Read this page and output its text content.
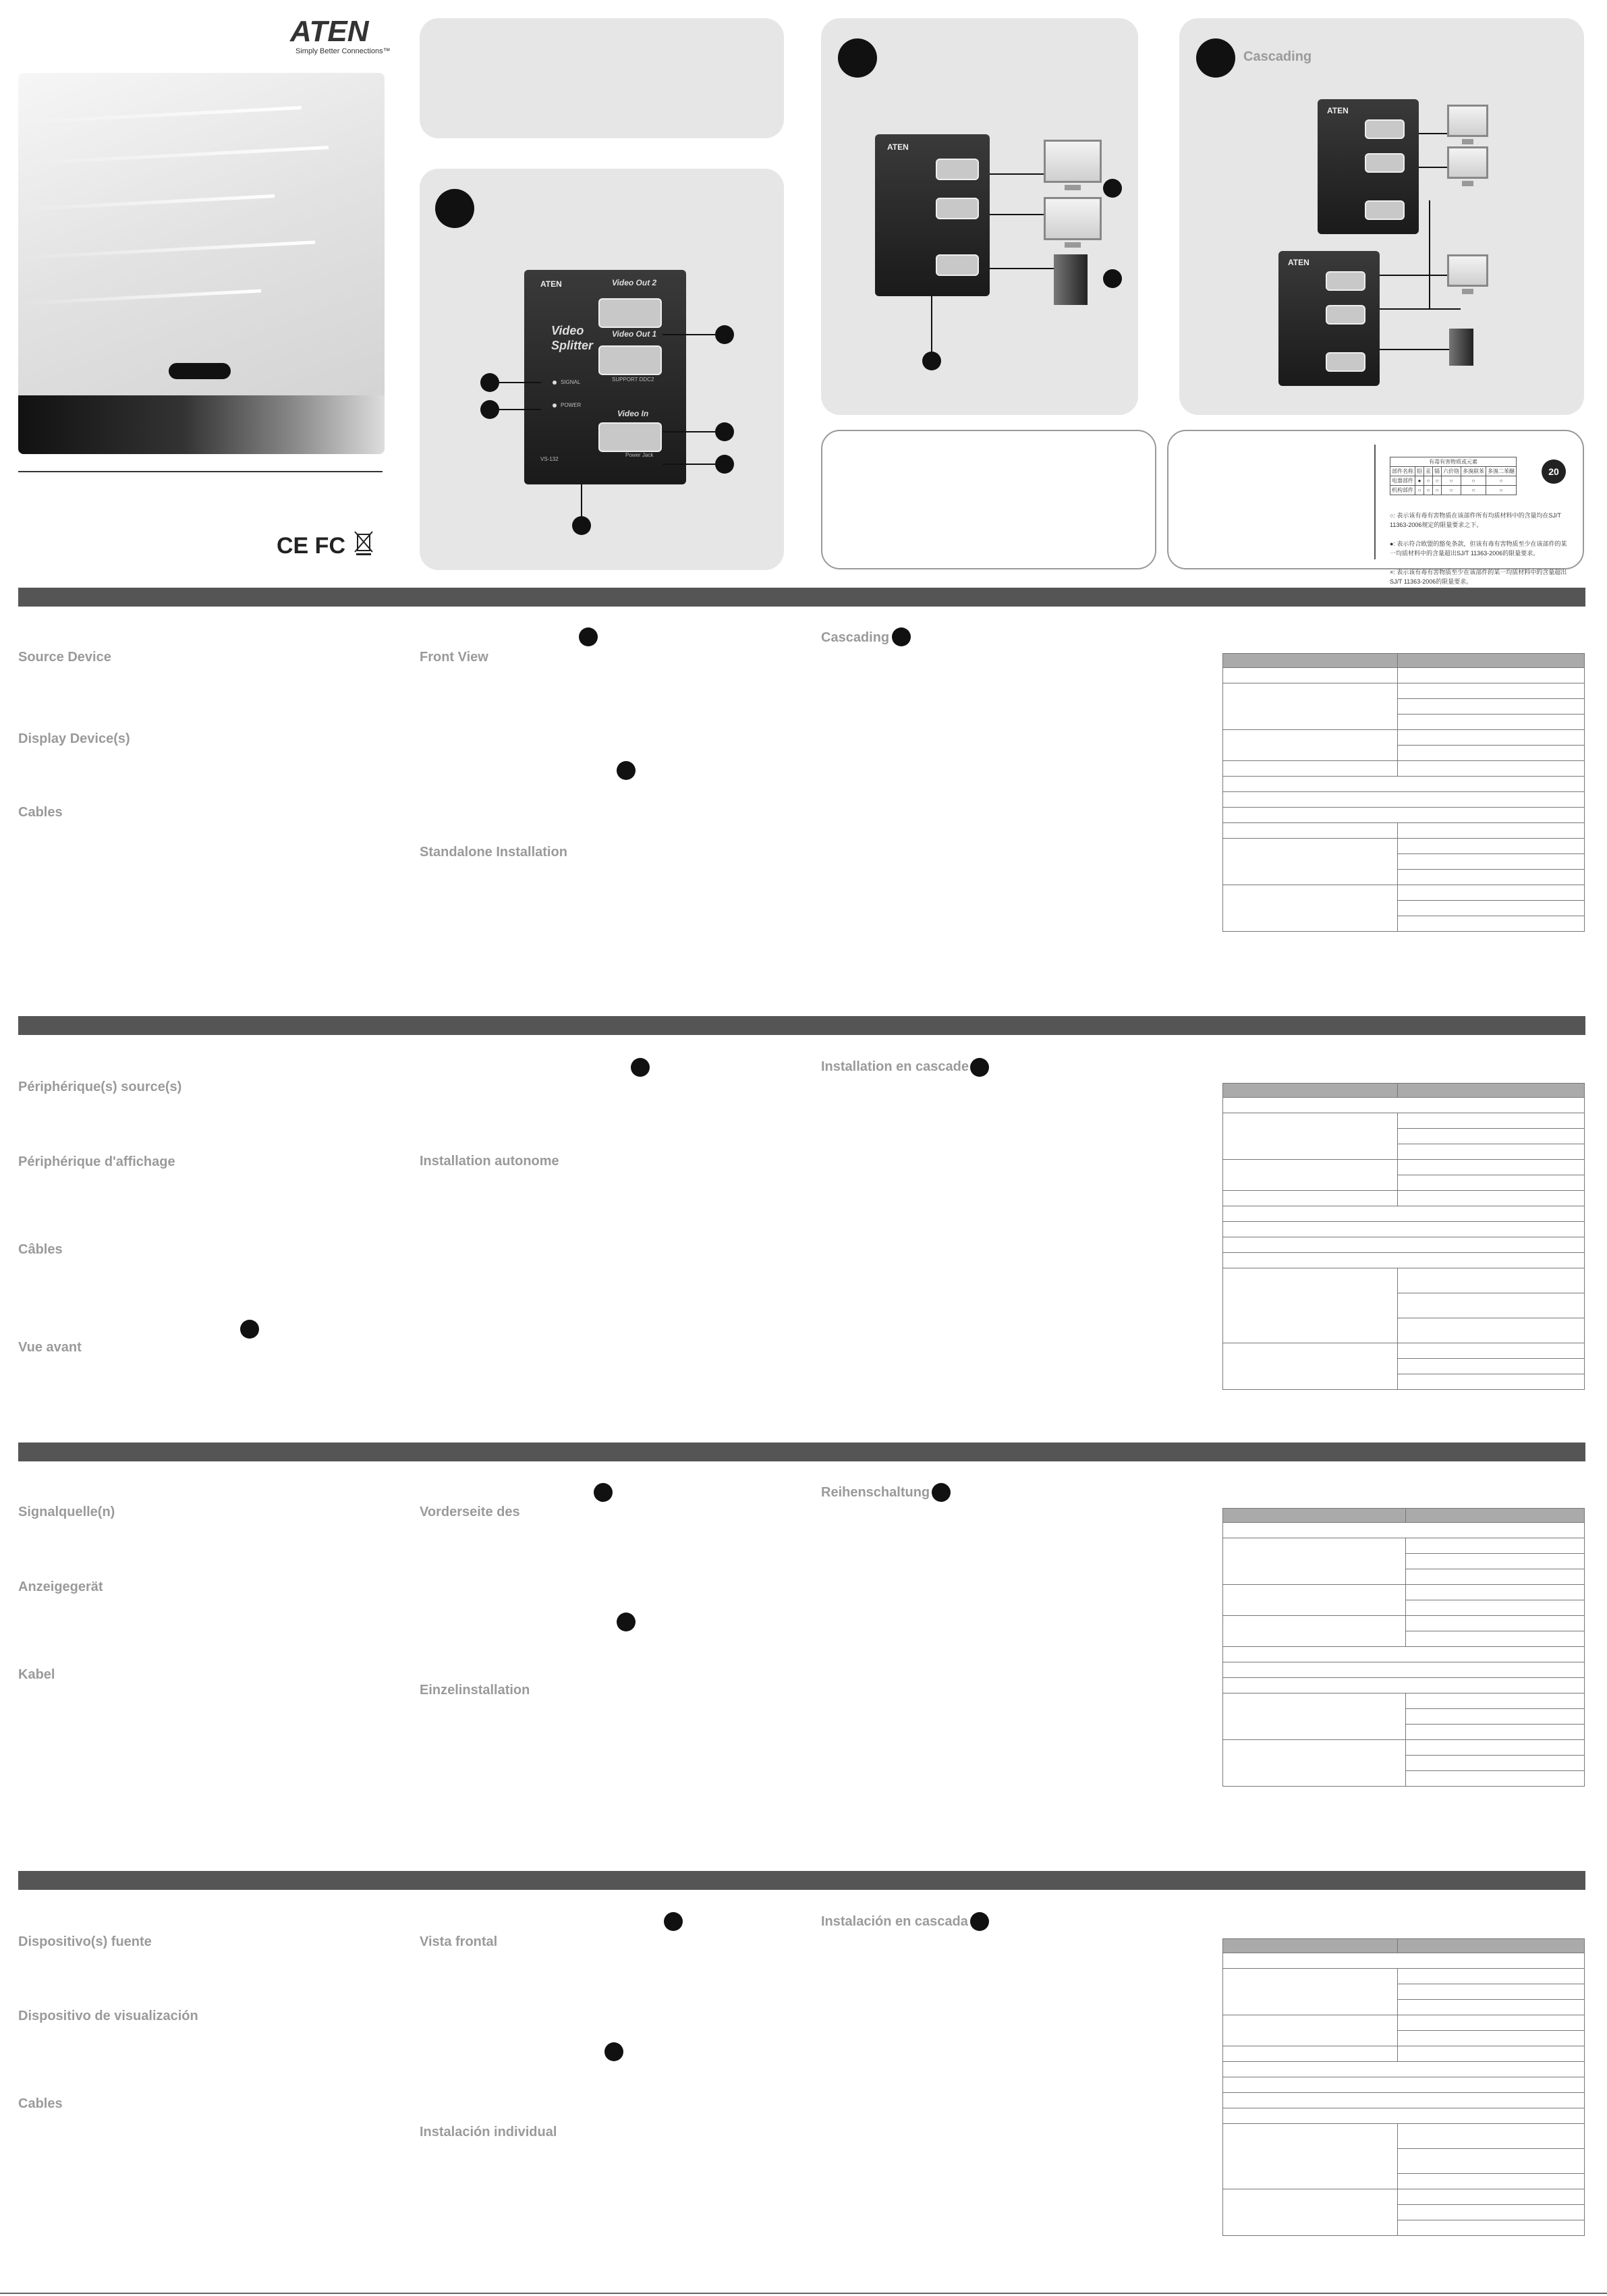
ATEN
Simply Better Connections™
CE FC
ATEN	Video Out 2
Video Out 1
Video
Splitter
SIGNAL
POWER
SUPPORT DDC2
Video In
VS-132
Power Jack
ATEN
Cascading
ATEN
ATEN
有毒有害物质或元素						
部件名称	铅	汞	镉	六价铬	多溴联苯	多溴二苯醚
电器部件	●	○	○	○	○	○
机构部件	○	○	○	○	○	○
20

○: 表示该有毒有害物质在该部件所有均质材料中的含量均在SJ/T 11363-2006规定的限量要求之下。

●: 表示符合欧盟的豁免条款，但该有毒有害物质至少在该部件的某一均质材料中的含量超出SJ/T 11363-2006的限量要求。

×: 表示该有毒有害物质至少在该部件的某一均质材料中的含量超出SJ/T 11363-2006的限量要求。

Source Device
Display Device(s)
Cables
Front View
Standalone Installation
Cascading

Périphérique(s) source(s)
Périphérique d'affichage
Câbles
Vue avant
Installation autonome
Installation en cascade

Signalquelle(n)
Anzeigegerät
Kabel
Vorderseite des
Einzelinstallation
Reihenschaltung

Dispositivo(s) fuente
Dispositivo de visualización
Cables
Vista frontal
Instalación individual
Instalación en cascada
